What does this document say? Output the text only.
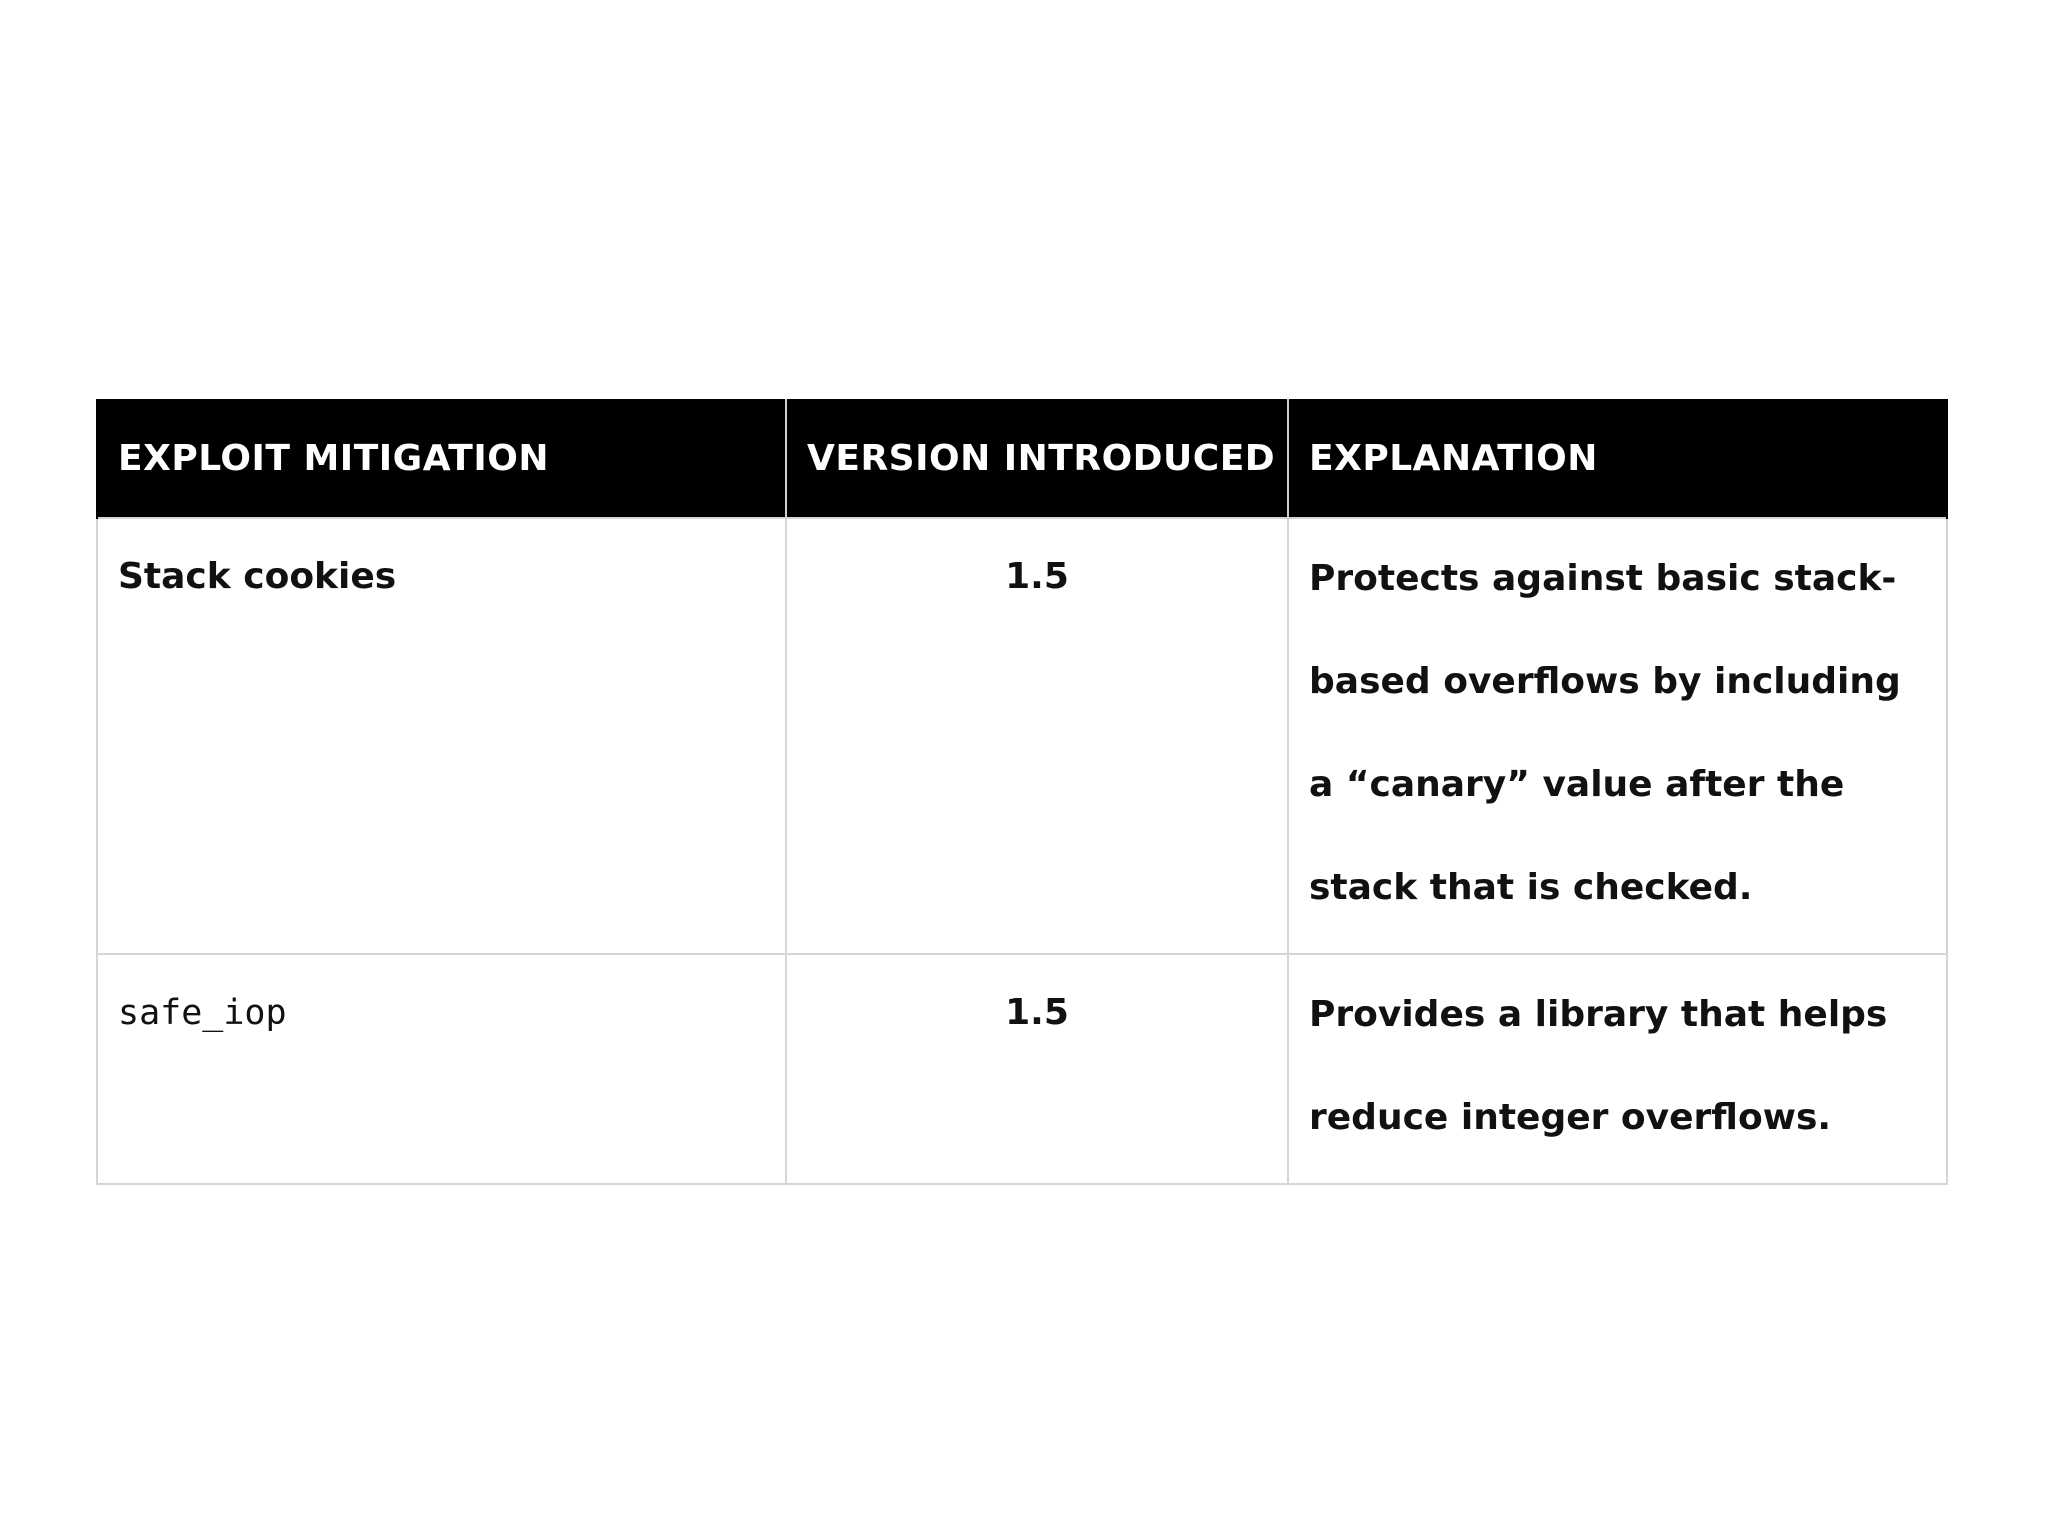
EXPLOIT MITIGATION	VERSION INTRODUCED	EXPLANATION
Stack cookies	1.5	Protects against basic stack-based overflows by including a “canary” value after the stack that is checked.
safe_iop	1.5	Provides a library that helps reduce integer overflows.
